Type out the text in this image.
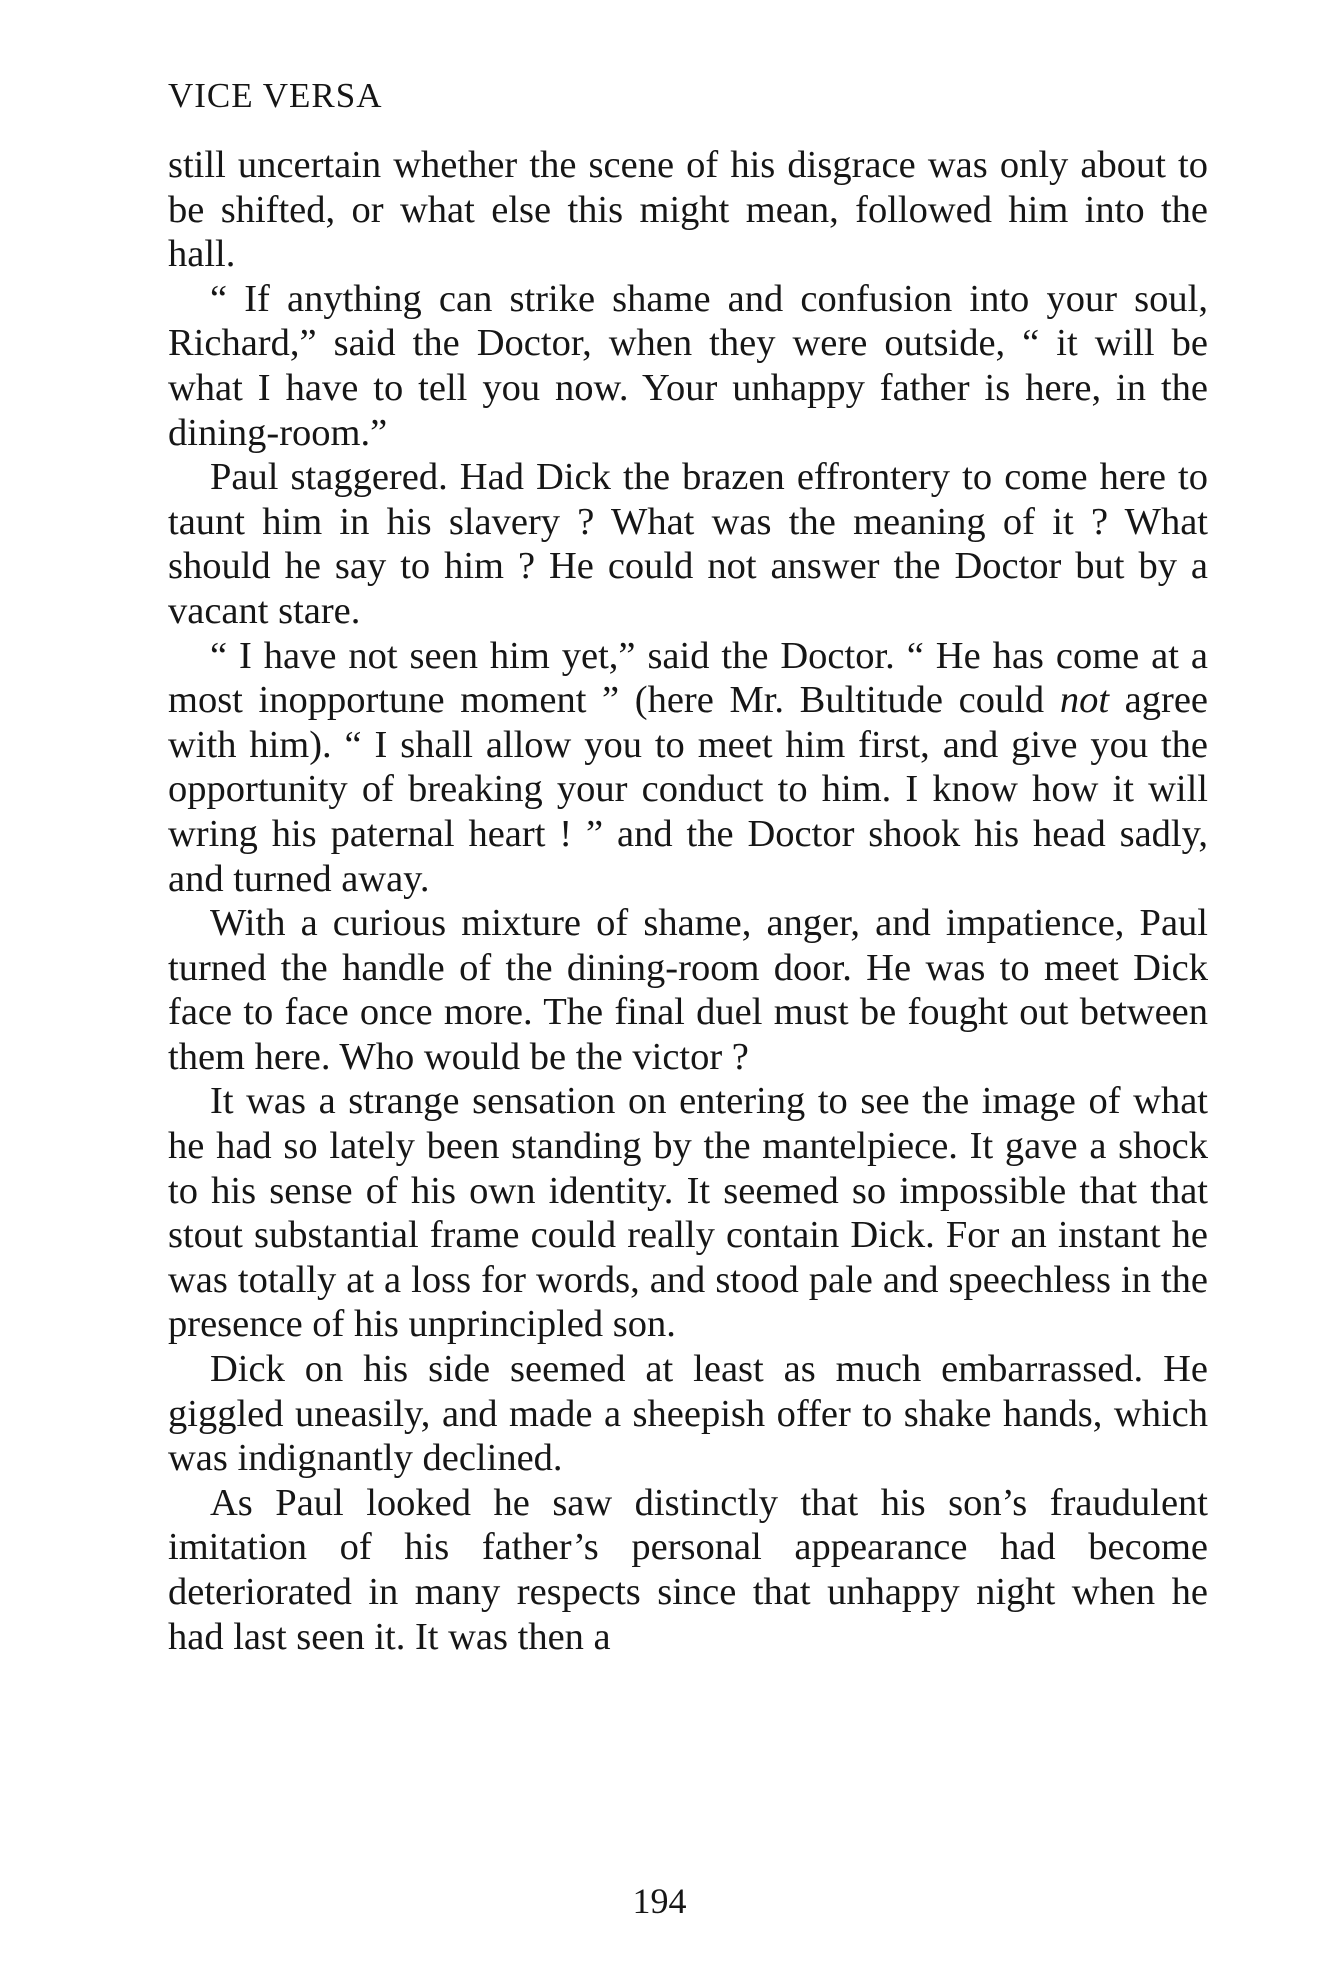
VICE VERSA

still uncertain whether the scene of his disgrace was only about to be shifted, or what else this might mean, followed him into the hall.

“ If anything can strike shame and confusion into your soul, Richard,” said the Doctor, when they were outside, “ it will be what I have to tell you now. Your unhappy father is here, in the dining-room.”

Paul staggered. Had Dick the brazen effrontery to come here to taunt him in his slavery ? What was the meaning of it ? What should he say to him ? He could not answer the Doctor but by a vacant stare.

“ I have not seen him yet,” said the Doctor. “ He has come at a most inopportune moment ” (here Mr. Bultitude could not agree with him). “ I shall allow you to meet him first, and give you the opportunity of breaking your conduct to him. I know how it will wring his paternal heart ! ” and the Doctor shook his head sadly, and turned away.

With a curious mixture of shame, anger, and impatience, Paul turned the handle of the dining-room door. He was to meet Dick face to face once more. The final duel must be fought out between them here. Who would be the victor ?

It was a strange sensation on entering to see the image of what he had so lately been standing by the mantelpiece. It gave a shock to his sense of his own identity. It seemed so impossible that that stout substantial frame could really contain Dick. For an instant he was totally at a loss for words, and stood pale and speechless in the presence of his unprincipled son.

Dick on his side seemed at least as much embarrassed. He giggled uneasily, and made a sheepish offer to shake hands, which was indignantly declined.

As Paul looked he saw distinctly that his son’s fraudulent imitation of his father’s personal appearance had become deteriorated in many respects since that unhappy night when he had last seen it. It was then a

194
